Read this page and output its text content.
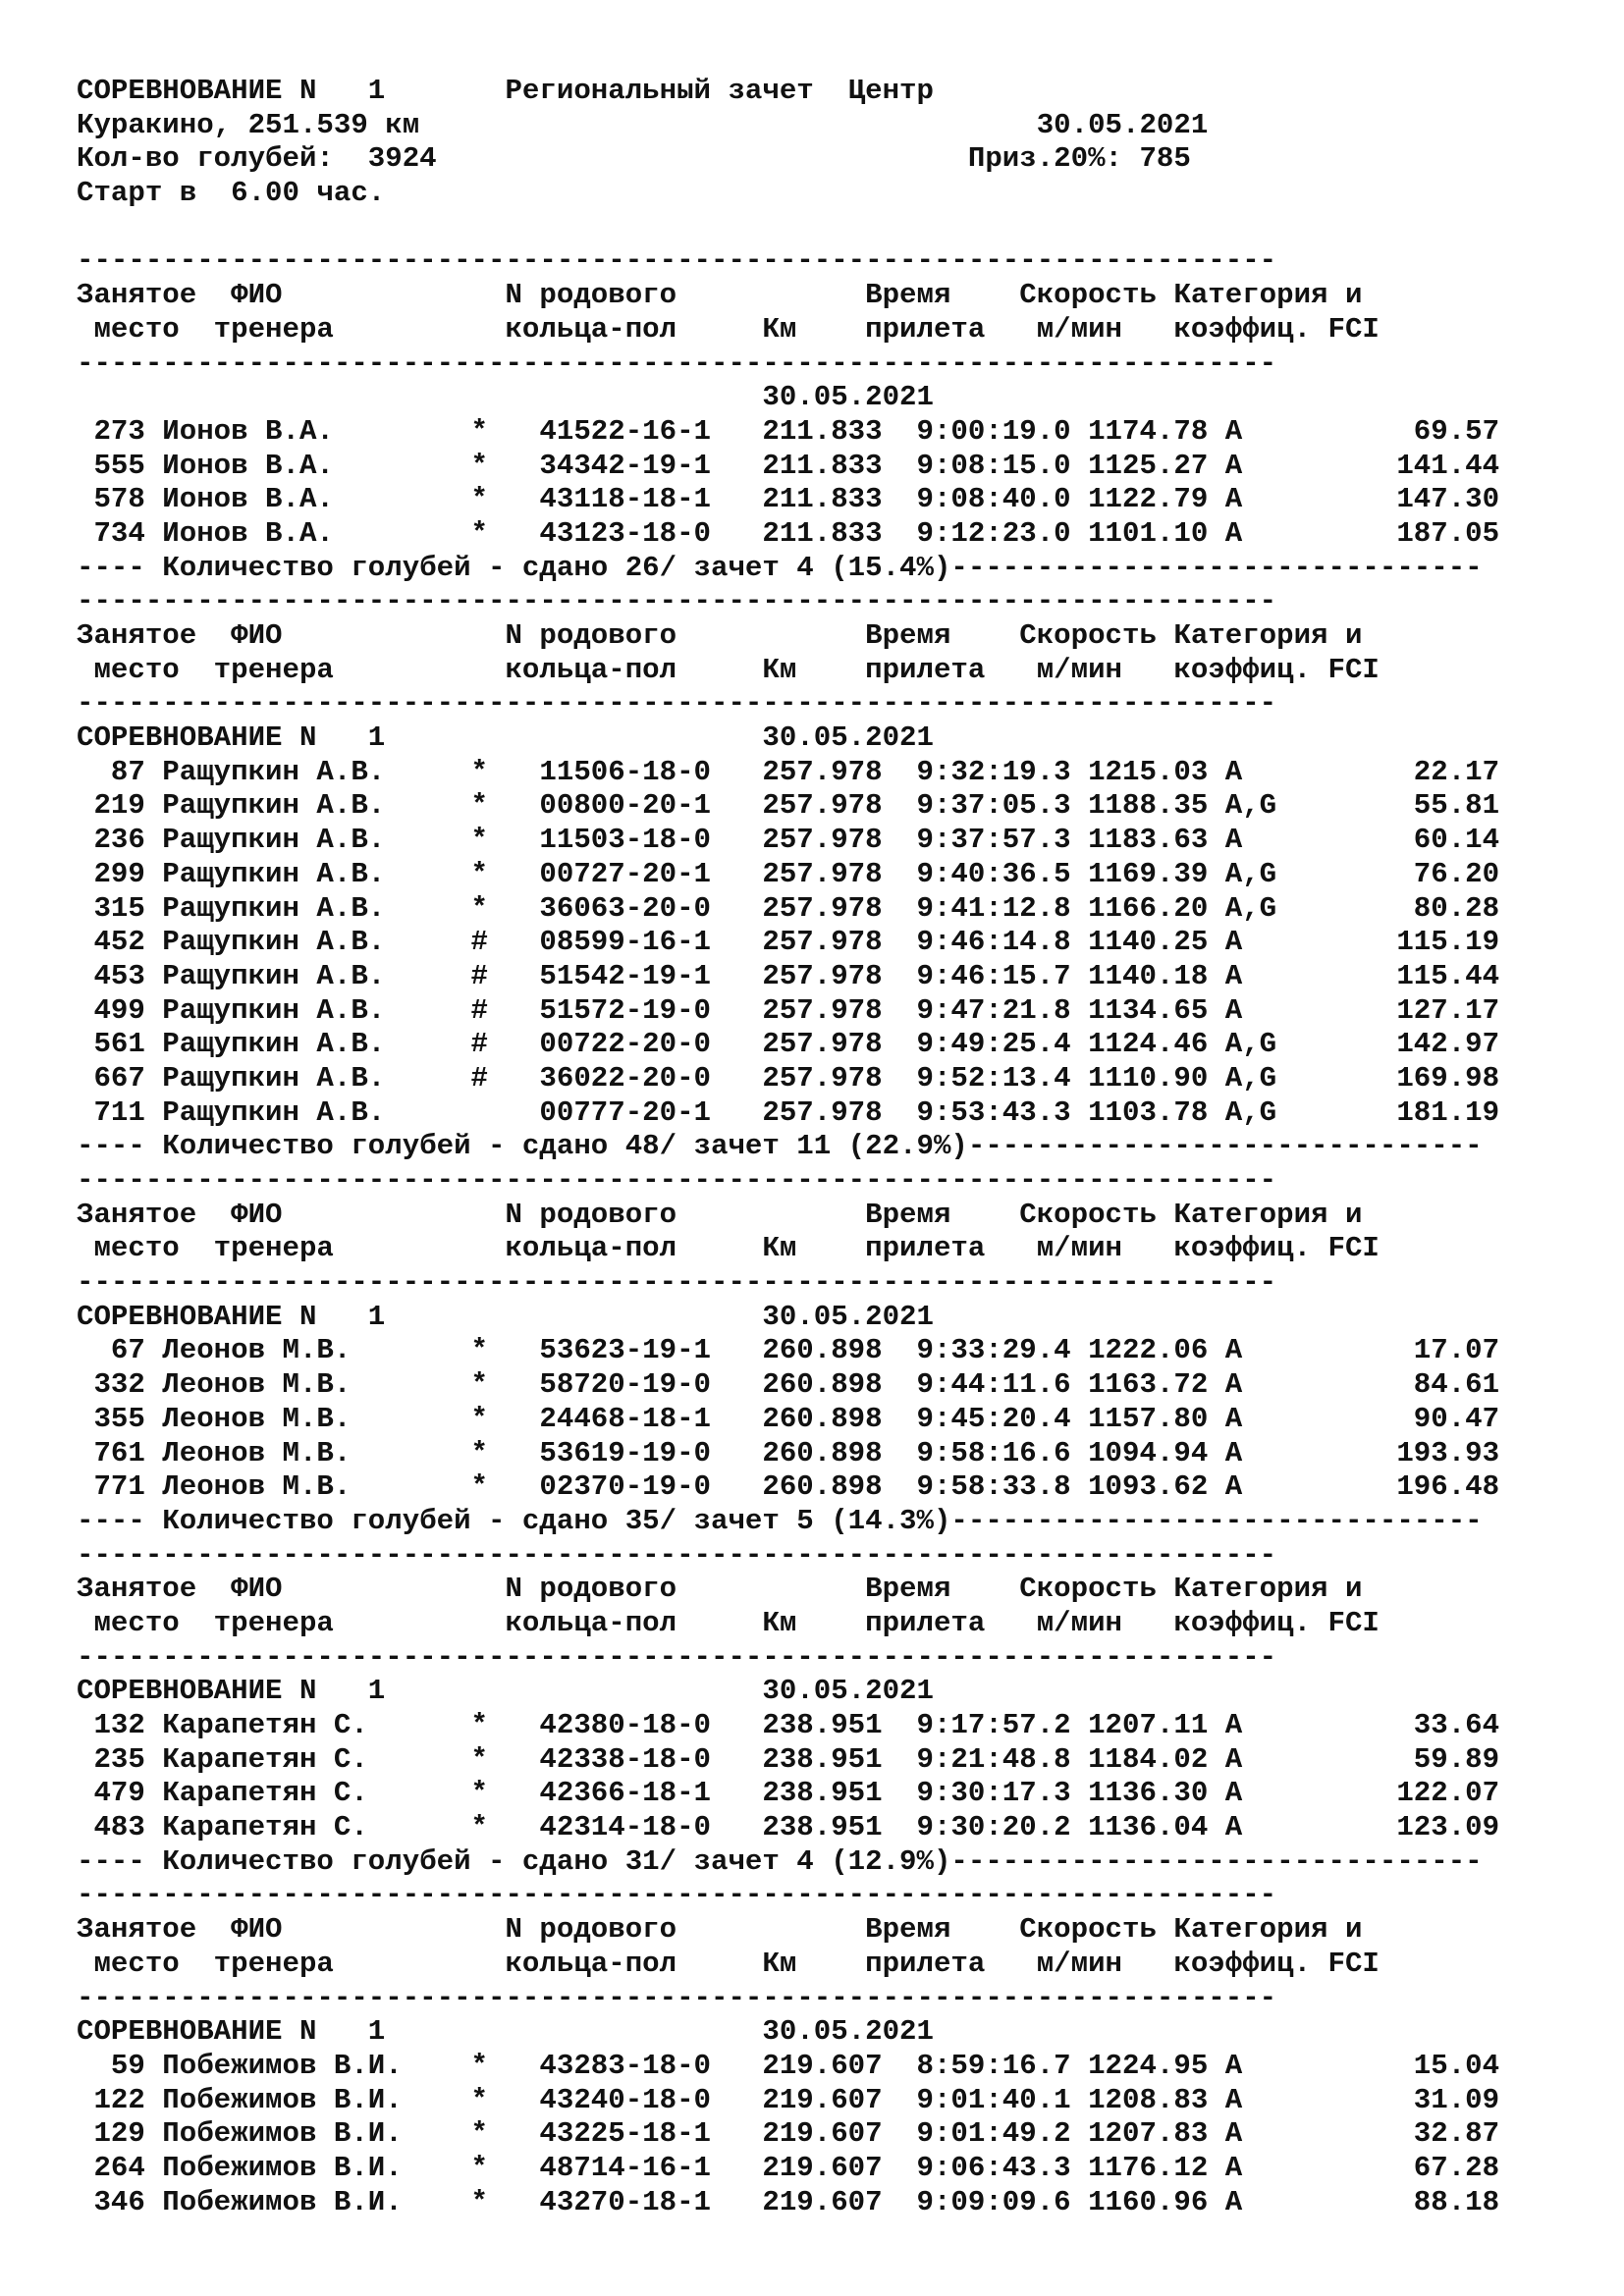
СОРЕВНОВАНИЕ N   1       Региональный зачет  Центр
Куракино, 251.539 км                                    30.05.2021
Кол-во голубей:  3924                               Приз.20%: 785
Старт в  6.00 час.
----------------------------------------------------------------------
Занятое  ФИО             N родового           Время    Скорость Категория и
место  тренера          кольца-пол     Км    прилета   м/мин   коэффиц. FCI
----------------------------------------------------------------------
30.05.2021
273 Ионов В.А.        *   41522-16-1   211.833  9:00:19.0 1174.78 A          69.57
555 Ионов В.А.        *   34342-19-1   211.833  9:08:15.0 1125.27 A         141.44
578 Ионов В.А.        *   43118-18-1   211.833  9:08:40.0 1122.79 A         147.30
734 Ионов В.А.        *   43123-18-0   211.833  9:12:23.0 1101.10 A         187.05
---- Количество голубей - сдано 26/ зачет 4 (15.4%)-------------------------------
----------------------------------------------------------------------
Занятое  ФИО             N родового           Время    Скорость Категория и
место  тренера          кольца-пол     Км    прилета   м/мин   коэффиц. FCI
----------------------------------------------------------------------
СОРЕВНОВАНИЕ N   1                      30.05.2021
87 Ращупкин А.В.     *   11506-18-0   257.978  9:32:19.3 1215.03 A          22.17
219 Ращупкин А.В.     *   00800-20-1   257.978  9:37:05.3 1188.35 A,G        55.81
236 Ращупкин А.В.     *   11503-18-0   257.978  9:37:57.3 1183.63 A          60.14
299 Ращупкин А.В.     *   00727-20-1   257.978  9:40:36.5 1169.39 A,G        76.20
315 Ращупкин А.В.     *   36063-20-0   257.978  9:41:12.8 1166.20 A,G        80.28
452 Ращупкин А.В.     #   08599-16-1   257.978  9:46:14.8 1140.25 A         115.19
453 Ращупкин А.В.     #   51542-19-1   257.978  9:46:15.7 1140.18 A         115.44
499 Ращупкин А.В.     #   51572-19-0   257.978  9:47:21.8 1134.65 A         127.17
561 Ращупкин А.В.     #   00722-20-0   257.978  9:49:25.4 1124.46 A,G       142.97
667 Ращупкин А.В.     #   36022-20-0   257.978  9:52:13.4 1110.90 A,G       169.98
711 Ращупкин А.В.         00777-20-1   257.978  9:53:43.3 1103.78 A,G       181.19
---- Количество голубей - сдано 48/ зачет 11 (22.9%)------------------------------
----------------------------------------------------------------------
Занятое  ФИО             N родового           Время    Скорость Категория и
место  тренера          кольца-пол     Км    прилета   м/мин   коэффиц. FCI
----------------------------------------------------------------------
СОРЕВНОВАНИЕ N   1                      30.05.2021
67 Леонов М.В.       *   53623-19-1   260.898  9:33:29.4 1222.06 A          17.07
332 Леонов М.В.       *   58720-19-0   260.898  9:44:11.6 1163.72 A          84.61
355 Леонов М.В.       *   24468-18-1   260.898  9:45:20.4 1157.80 A          90.47
761 Леонов М.В.       *   53619-19-0   260.898  9:58:16.6 1094.94 A         193.93
771 Леонов М.В.       *   02370-19-0   260.898  9:58:33.8 1093.62 A         196.48
---- Количество голубей - сдано 35/ зачет 5 (14.3%)-------------------------------
----------------------------------------------------------------------
Занятое  ФИО             N родового           Время    Скорость Категория и
место  тренера          кольца-пол     Км    прилета   м/мин   коэффиц. FCI
----------------------------------------------------------------------
СОРЕВНОВАНИЕ N   1                      30.05.2021
132 Карапетян С.      *   42380-18-0   238.951  9:17:57.2 1207.11 A          33.64
235 Карапетян С.      *   42338-18-0   238.951  9:21:48.8 1184.02 A          59.89
479 Карапетян С.      *   42366-18-1   238.951  9:30:17.3 1136.30 A         122.07
483 Карапетян С.      *   42314-18-0   238.951  9:30:20.2 1136.04 A         123.09
---- Количество голубей - сдано 31/ зачет 4 (12.9%)-------------------------------
----------------------------------------------------------------------
Занятое  ФИО             N родового           Время    Скорость Категория и
место  тренера          кольца-пол     Км    прилета   м/мин   коэффиц. FCI
----------------------------------------------------------------------
СОРЕВНОВАНИЕ N   1                      30.05.2021
59 Побежимов В.И.    *   43283-18-0   219.607  8:59:16.7 1224.95 A          15.04
122 Побежимов В.И.    *   43240-18-0   219.607  9:01:40.1 1208.83 A          31.09
129 Побежимов В.И.    *   43225-18-1   219.607  9:01:49.2 1207.83 A          32.87
264 Побежимов В.И.    *   48714-16-1   219.607  9:06:43.3 1176.12 A          67.28
346 Побежимов В.И.    *   43270-18-1   219.607  9:09:09.6 1160.96 A          88.18
